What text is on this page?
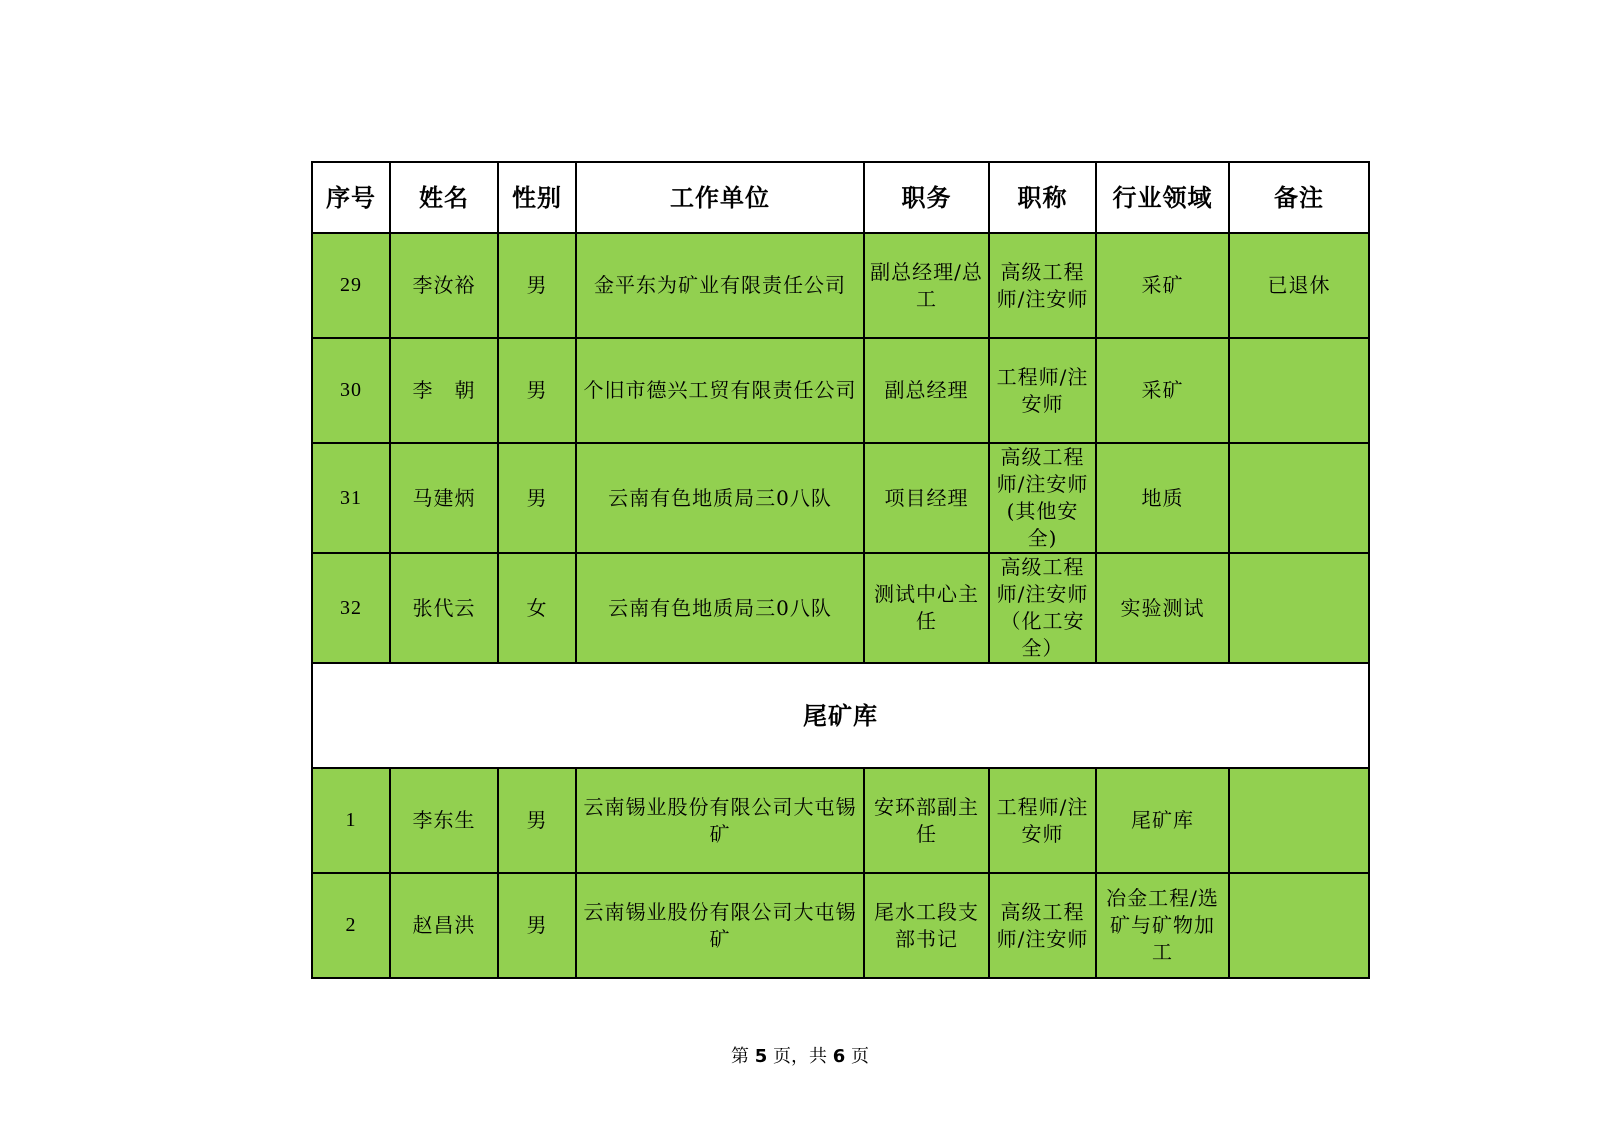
序号	姓名	性别	工作单位	职务	职称	行业领域	备注
29	李汝裕	男	金平东为矿业有限责任公司	副总经理/总工	高级工程师/注安师	采矿	已退休
30	李　朝	男	个旧市德兴工贸有限责任公司	副总经理	工程师/注安师	采矿	
31	马建炳	男	云南有色地质局三0八队	项目经理	高级工程师/注安师(其他安全)	地质	
32	张代云	女	云南有色地质局三0八队	测试中心主任	高级工程师/注安师（化工安全）	实验测试	
尾矿库							
1	李东生	男	云南锡业股份有限公司大屯锡矿	安环部副主任	工程师/注安师	尾矿库	
2	赵昌洪	男	云南锡业股份有限公司大屯锡矿	尾水工段支部书记	高级工程师/注安师	冶金工程/选矿与矿物加工	
第 5 页，共 6 页
